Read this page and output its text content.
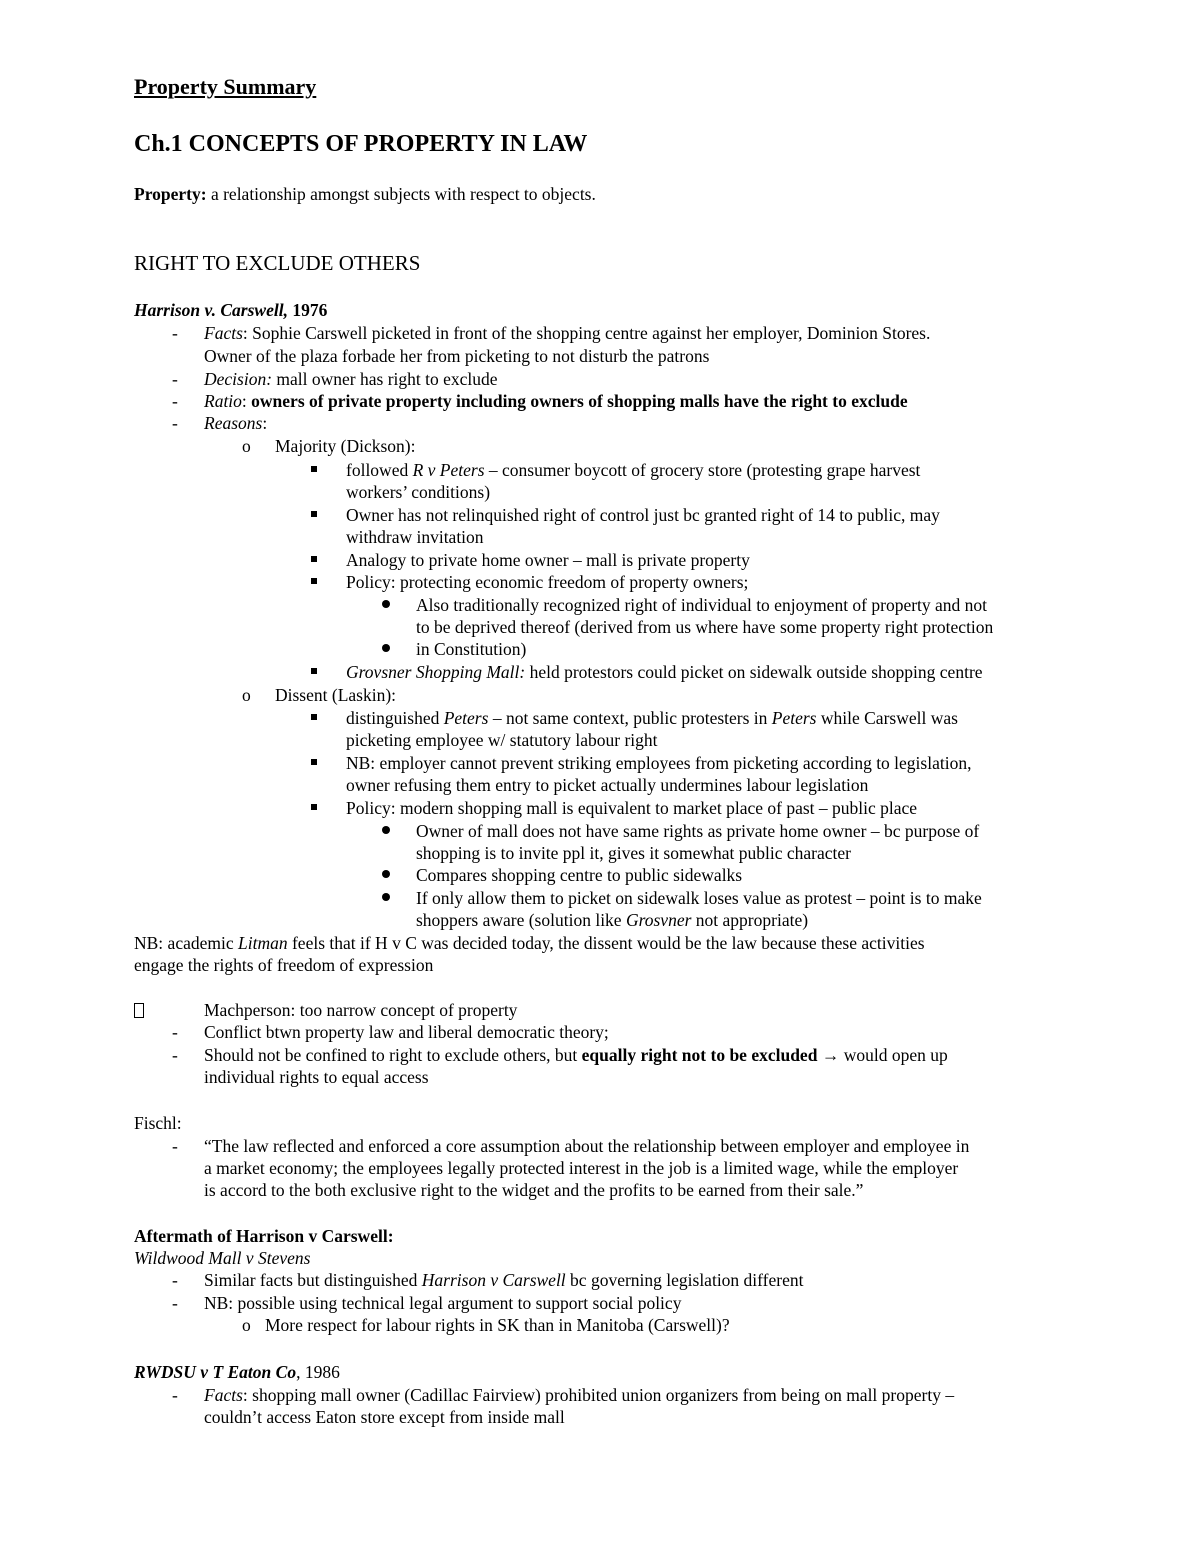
Property Summary
Ch.1 CONCEPTS OF PROPERTY IN LAW
Property: a relationship amongst subjects with respect to objects.
RIGHT TO EXCLUDE OTHERS
Harrison v. Carswell, 1976
- Facts: Sophie Carswell picketed in front of the shopping centre against her employer, Dominion Stores.
Owner of the plaza forbade her from picketing to not disturb the patrons
- Decision: mall owner has right to exclude
- Ratio: owners of private property including owners of shopping malls have the right to exclude
- Reasons:
o Majority (Dickson):
followed R v Peters – consumer boycott of grocery store (protesting grape harvest
workers’ conditions)
Owner has not relinquished right of control just bc granted right of 14 to public, may
withdraw invitation
Analogy to private home owner – mall is private property
Policy: protecting economic freedom of property owners;
Also traditionally recognized right of individual to enjoyment of property and not
to be deprived thereof (derived from us where have some property right protection
in Constitution)
Grovsner Shopping Mall: held protestors could picket on sidewalk outside shopping centre
o Dissent (Laskin):
distinguished Peters – not same context, public protesters in Peters while Carswell was
picketing employee w/ statutory labour right
NB: employer cannot prevent striking employees from picketing according to legislation,
owner refusing them entry to picket actually undermines labour legislation
Policy: modern shopping mall is equivalent to market place of past – public place
Owner of mall does not have same rights as private home owner – bc purpose of
shopping is to invite ppl it, gives it somewhat public character
Compares shopping centre to public sidewalks
If only allow them to picket on sidewalk loses value as protest – point is to make
shoppers aware (solution like Grosvner not appropriate)
NB: academic Litman feels that if H v C was decided today, the dissent would be the law because these activities
engage the rights of freedom of expression
Machperson: too narrow concept of property
- Conflict btwn property law and liberal democratic theory;
- Should not be confined to right to exclude others, but equally right not to be excluded → would open up
individual rights to equal access
Fischl:
- “The law reflected and enforced a core assumption about the relationship between employer and employee in
a market economy; the employees legally protected interest in the job is a limited wage, while the employer
is accord to the both exclusive right to the widget and the profits to be earned from their sale.”
Aftermath of Harrison v Carswell:
Wildwood Mall v Stevens
- Similar facts but distinguished Harrison v Carswell bc governing legislation different
- NB: possible using technical legal argument to support social policy
o More respect for labour rights in SK than in Manitoba (Carswell)?
RWDSU v T Eaton Co, 1986
- Facts: shopping mall owner (Cadillac Fairview) prohibited union organizers from being on mall property –
couldn’t access Eaton store except from inside mall
